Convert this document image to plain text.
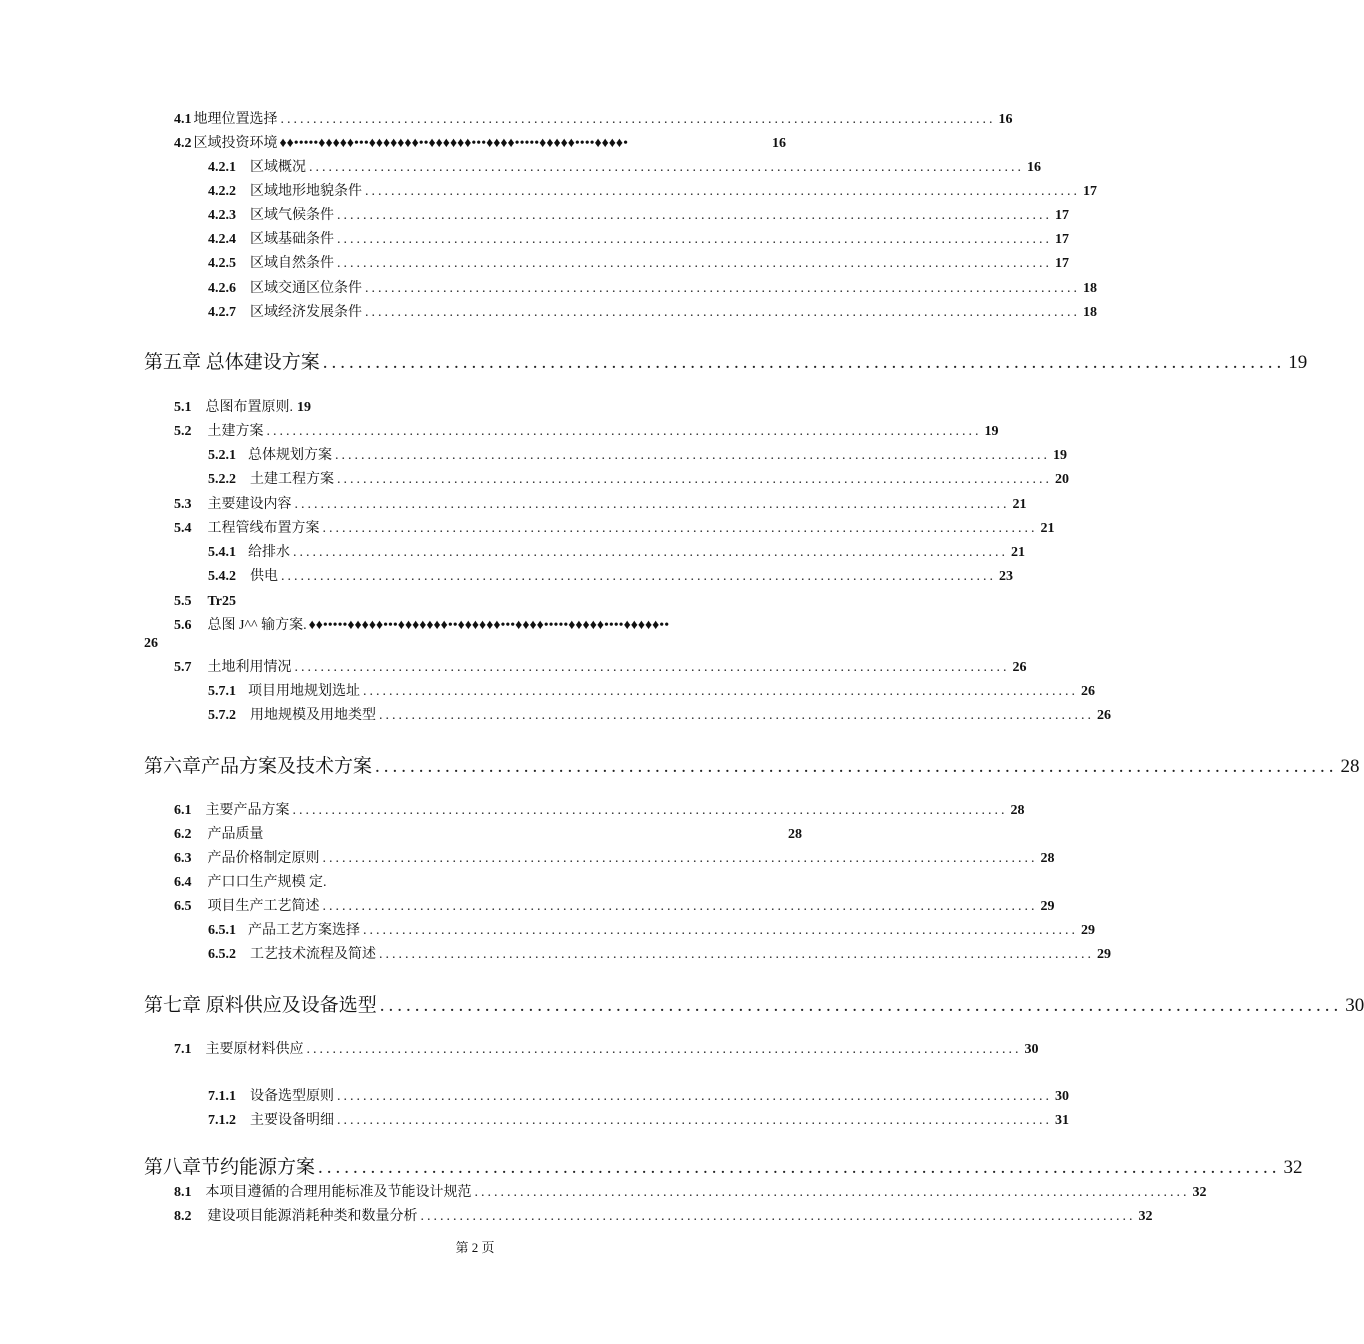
4.1 地理位置选择 .............................................................................................................. 16
4.2 区域投资环境 ♦♦•••••♦♦♦♦♦•••♦♦♦♦♦♦♦••♦♦♦♦♦♦•••♦♦♦♦•••••♦♦♦♦♦••••♦♦♦♦•	16
4.2.1 区域概况 .............................................................................................................. 16
4.2.2 区域地形地貌条件 .............................................................................................................. 17
4.2.3 区域气候条件 .............................................................................................................. 17
4.2.4 区域基础条件 .............................................................................................................. 17
4.2.5 区域自然条件 .............................................................................................................. 17
4.2.6 区域交通区位条件 .............................................................................................................. 18
4.2.7 区域经济发展条件 .............................................................................................................. 18
第五章 总体建设方案 .............................................................................................................. 19
5.1 总图布置原则. 19
5.2 土建方案 .............................................................................................................. 19
5.2.1 总体规划方案 .............................................................................................................. 19
5.2.2 土建工程方案 .............................................................................................................. 20
5.3 主要建设内容 .............................................................................................................. 21
5.4 工程管线布置方案 .............................................................................................................. 21
5.4.1 给排水 .............................................................................................................. 21
5.4.2 供电 .............................................................................................................. 23
5.5 Tr25
5.6 总图 J^^ 输方案. ♦♦•••••♦♦♦♦♦•••♦♦♦♦♦♦♦••♦♦♦♦♦♦•••♦♦♦♦•••••♦♦♦♦♦••••♦♦♦♦♦••
26
5.7 土地利用情况 .............................................................................................................. 26
5.7.1 项目用地规划选址 .............................................................................................................. 26
5.7.2 用地规模及用地类型 .............................................................................................................. 26
第六章产品方案及技术方案 .............................................................................................................. 28
6.1 主要产品方案 .............................................................................................................. 28
6.2 产品质量	28
6.3 产品价格制定原则 .............................................................................................................. 28
6.4 产口口生产规模 定.
6.5 项目生产工艺简述 .............................................................................................................. 29
6.5.1 产品工艺方案选择 .............................................................................................................. 29
6.5.2 工艺技术流程及简述 .............................................................................................................. 29
第七章 原料供应及设备选型 .............................................................................................................. 30
7.1 主要原材料供应 .............................................................................................................. 30
7.1.1 设备选型原则 .............................................................................................................. 30
7.1.2 主要设备明细 .............................................................................................................. 31
第八章节约能源方案 .............................................................................................................. 32
8.1 本项目遵循的合理用能标准及节能设计规范 .............................................................................................................. 32
8.2 建设项目能源消耗种类和数量分析 .............................................................................................................. 32
第 2 页
